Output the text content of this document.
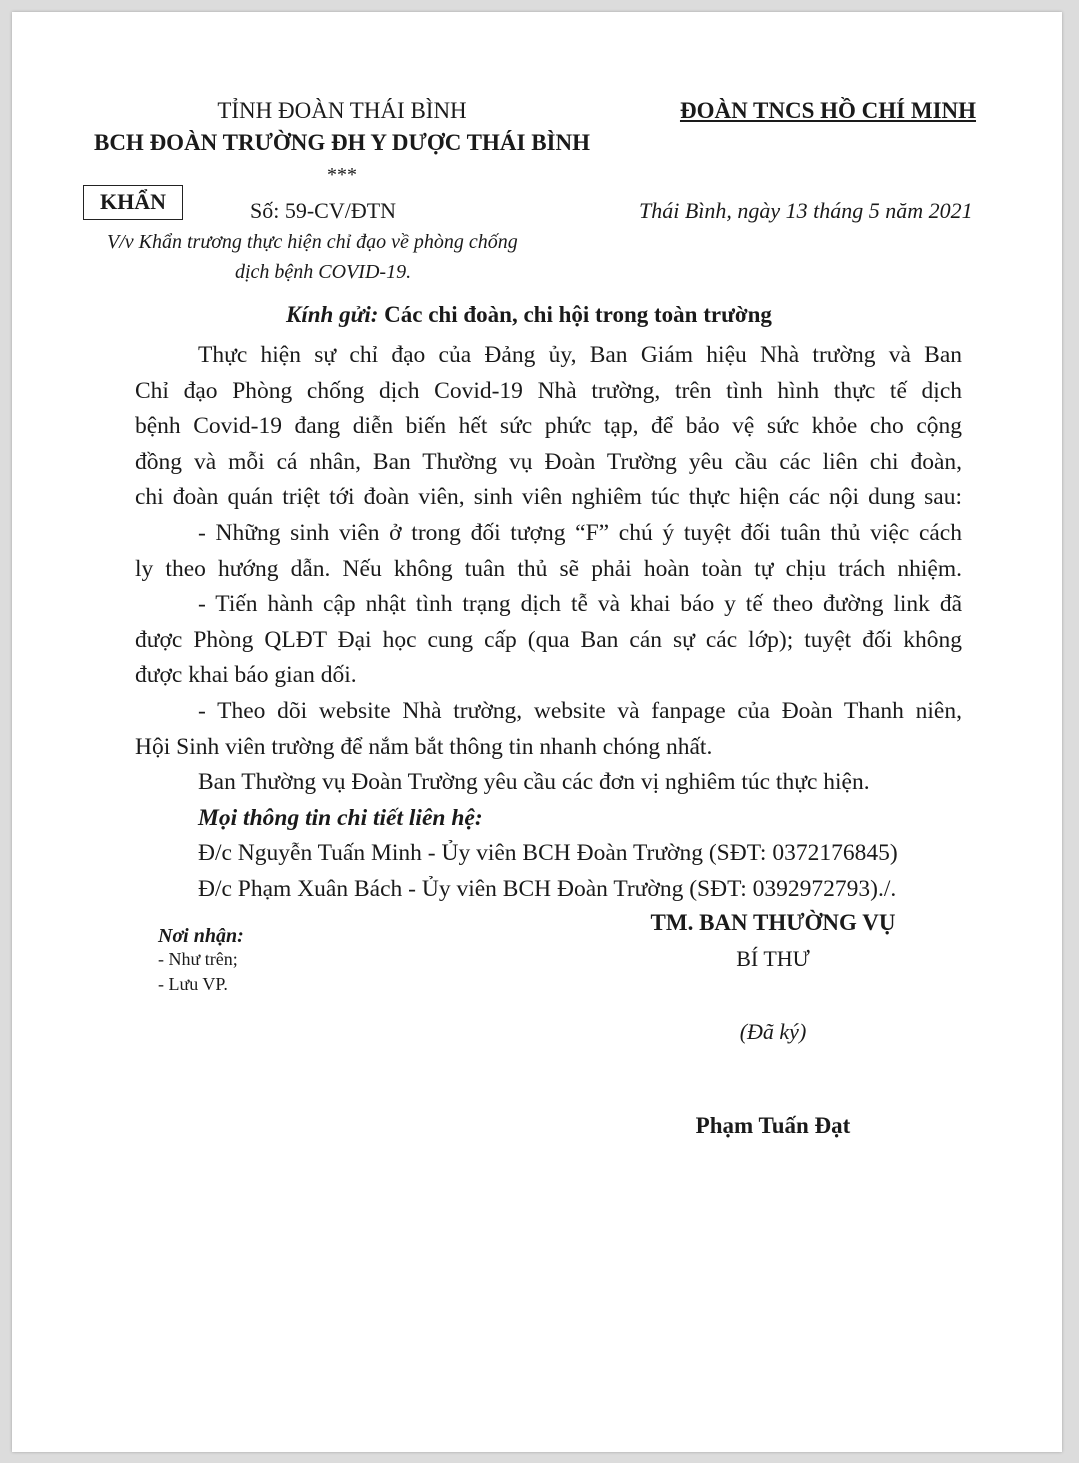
TỈNH ĐOÀN THÁI BÌNH
BCH ĐOÀN TRƯỜNG ĐH Y DƯỢC THÁI BÌNH
***
ĐOÀN TNCS HỒ CHÍ MINH
KHẨN	Số: 59-CV/ĐTN	Thái Bình, ngày 13 tháng 5 năm 2021
V/v Khẩn trương thực hiện chỉ đạo về phòng chống
dịch bệnh COVID-19.
Kính gửi: Các chi đoàn, chi hội trong toàn trường
Thực hiện sự chỉ đạo của Đảng ủy, Ban Giám hiệu Nhà trường và Ban
Chỉ đạo Phòng chống dịch Covid-19 Nhà trường, trên tình hình thực tế dịch
bệnh Covid-19 đang diễn biến hết sức phức tạp, để bảo vệ sức khỏe cho cộng
đồng và mỗi cá nhân, Ban Thường vụ Đoàn Trường yêu cầu các liên chi đoàn,
chi đoàn quán triệt tới đoàn viên, sinh viên nghiêm túc thực hiện các nội dung sau:
- Những sinh viên ở trong đối tượng “F” chú ý tuyệt đối tuân thủ việc cách
ly theo hướng dẫn. Nếu không tuân thủ sẽ phải hoàn toàn tự chịu trách nhiệm.
- Tiến hành cập nhật tình trạng dịch tễ và khai báo y tế theo đường link đã
được Phòng QLĐT Đại học cung cấp (qua Ban cán sự các lớp); tuyệt đối không
được khai báo gian dối.
- Theo dõi website Nhà trường, website và fanpage của Đoàn Thanh niên,
Hội Sinh viên trường để nắm bắt thông tin nhanh chóng nhất.
Ban Thường vụ Đoàn Trường yêu cầu các đơn vị nghiêm túc thực hiện.
Mọi thông tin chi tiết liên hệ:
Đ/c Nguyễn Tuấn Minh - Ủy viên BCH Đoàn Trường (SĐT: 0372176845)
Đ/c Phạm Xuân Bách - Ủy viên BCH Đoàn Trường (SĐT: 0392972793)./.
Nơi nhận:
- Như trên;
- Lưu VP.
TM. BAN THƯỜNG VỤ
BÍ THƯ
(Đã ký)
Phạm Tuấn Đạt
